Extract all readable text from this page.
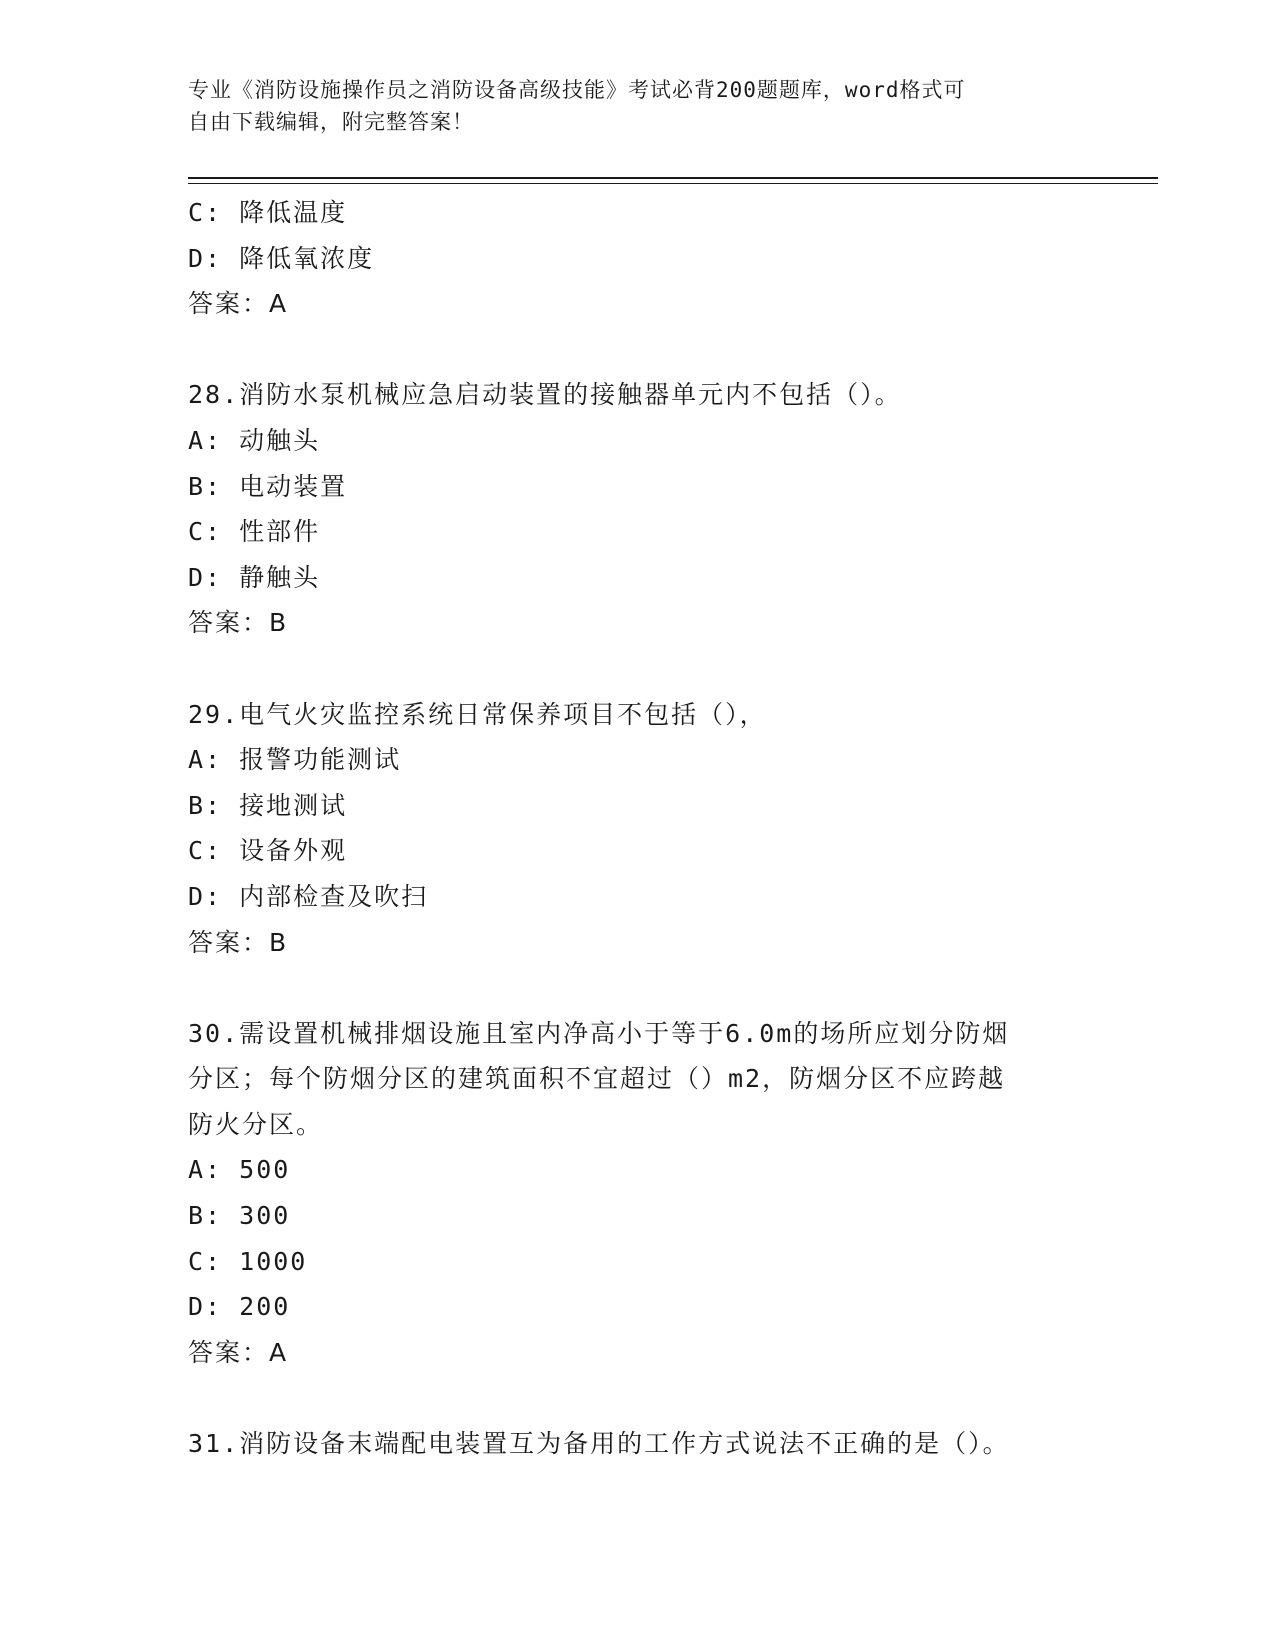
专业《消防设施操作员之消防设备高级技能》考试必背200题题库，word格式可
自由下载编辑，附完整答案！
C: 降低温度
D: 降低氧浓度
答案：A
28.消防水泵机械应急启动装置的接触器单元内不包括（）。
A: 动触头
B: 电动装置
C: 性部件
D: 静触头
答案：B
29.电气火灾监控系统日常保养项目不包括（），
A: 报警功能测试
B: 接地测试
C: 设备外观
D: 内部检查及吹扫
答案：B
30.需设置机械排烟设施且室内净高小于等于6.0m的场所应划分防烟
分区；每个防烟分区的建筑面积不宜超过（）m2，防烟分区不应跨越
防火分区。
A: 500
B: 300
C: 1000
D: 200
答案：A
31.消防设备末端配电装置互为备用的工作方式说法不正确的是（）。
